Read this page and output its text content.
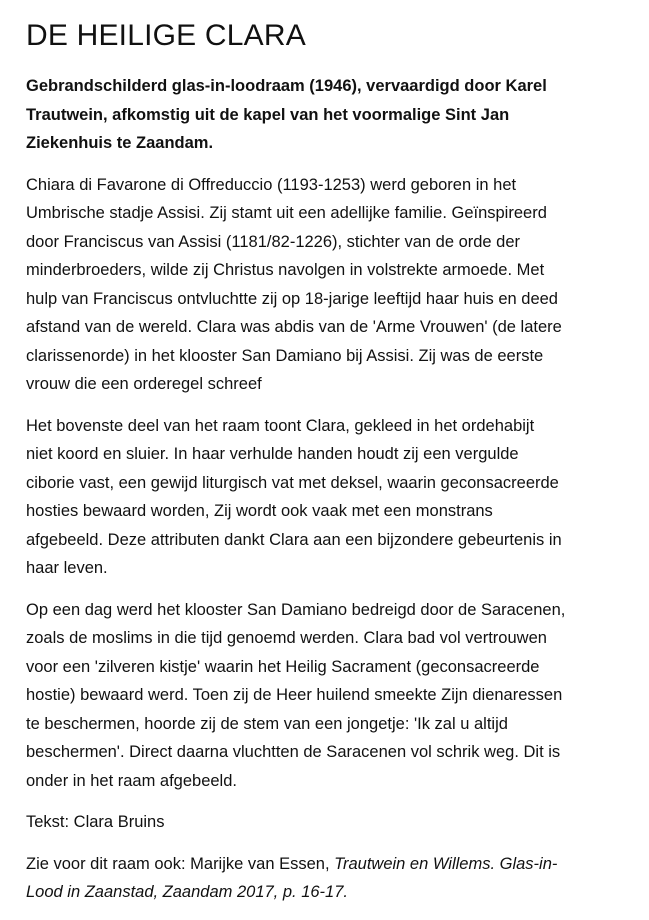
DE HEILIGE CLARA

Gebrandschilderd glas-in-loodraam (1946), vervaardigd door Karel
Trautwein, afkomstig uit de kapel van het voormalige Sint Jan
Ziekenhuis te Zaandam.

Chiara di Favarone di Offreduccio (1193-1253) werd geboren in het
Umbrische stadje Assisi. Zij stamt uit een adellijke familie. Geïnspireerd
door Franciscus van Assisi (1181/82-1226), stichter van de orde der
minderbroeders, wilde zij Christus navolgen in volstrekte armoede. Met
hulp van Franciscus ontvluchtte zij op 18-jarige leeftijd haar huis en deed
afstand van de wereld. Clara was abdis van de 'Arme Vrouwen' (de latere
clarissenorde) in het klooster San Damiano bij Assisi. Zij was de eerste
vrouw die een orderegel schreef

Het bovenste deel van het raam toont Clara, gekleed in het ordehabijt
niet koord en sluier. In haar verhulde handen houdt zij een vergulde
ciborie vast, een gewijd liturgisch vat met deksel, waarin geconsacreerde
hosties bewaard worden, Zij wordt ook vaak met een monstrans
afgebeeld. Deze attributen dankt Clara aan een bijzondere gebeurtenis in
haar leven.

Op een dag werd het klooster San Damiano bedreigd door de Saracenen,
zoals de moslims in die tijd genoemd werden. Clara bad vol vertrouwen
voor een 'zilveren kistje' waarin het Heilig Sacrament (geconsacreerde
hostie) bewaard werd. Toen zij de Heer huilend smeekte Zijn dienaressen
te beschermen, hoorde zij de stem van een jongetje: 'Ik zal u altijd
beschermen'. Direct daarna vluchtten de Saracenen vol schrik weg. Dit is
onder in het raam afgebeeld.

Tekst: Clara Bruins

Zie voor dit raam ook: Marijke van Essen, Trautwein en Willems. Glas-in-
Lood in Zaanstad, Zaandam 2017, p. 16-17.
